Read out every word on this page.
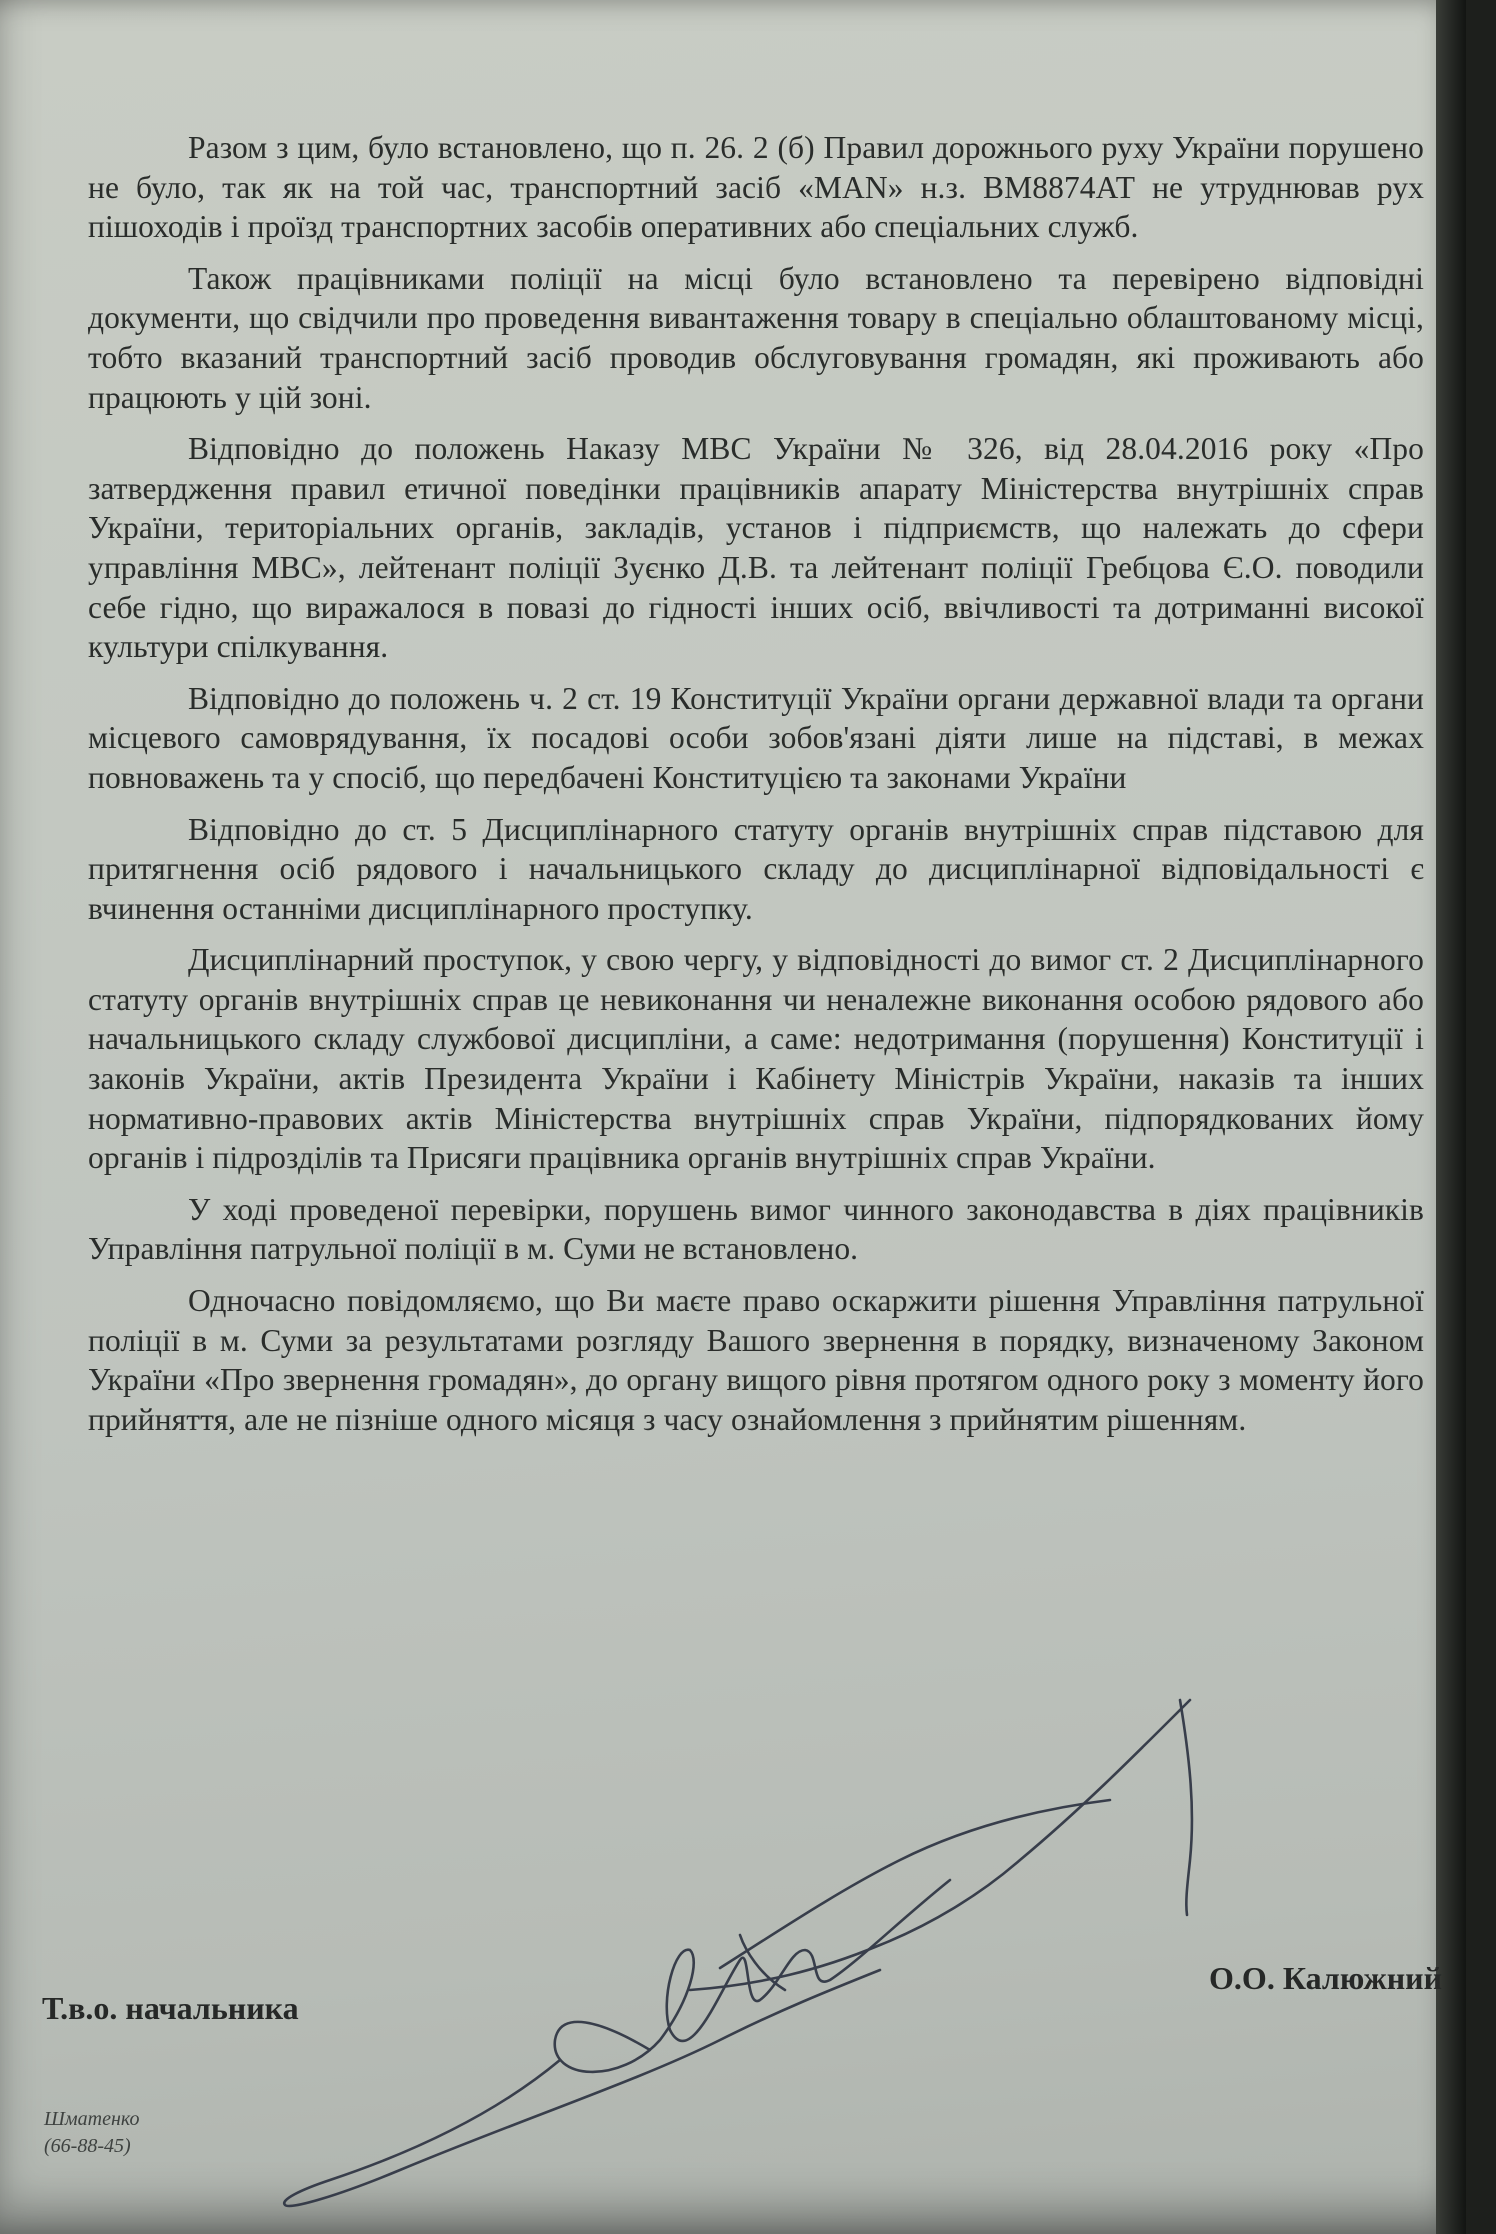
Разом з цим, було встановлено, що п. 26. 2 (б) Правил дорожнього руху України порушено не було, так як на той час, транспортний засіб «MAN» н.з. ВМ8874АТ не утруднював рух пішоходів і проїзд транспортних засобів оперативних або спеціальних служб.

Також працівниками поліції на місці було встановлено та перевірено відповідні документи, що свідчили про проведення вивантаження товару в спеціально облаштованому місці, тобто вказаний транспортний засіб проводив обслуговування громадян, які проживають або працюють у цій зоні.

Відповідно до положень Наказу МВС України № 326, від 28.04.2016 року «Про затвердження правил етичної поведінки працівників апарату Міністерства внутрішніх справ України, територіальних органів, закладів, установ і підприємств, що належать до сфери управління МВС», лейтенант поліції Зуєнко Д.В. та лейтенант поліції Гребцова Є.О. поводили себе гідно, що виражалося в повазі до гідності інших осіб, ввічливості та дотриманні високої культури спілкування.

Відповідно до положень ч. 2 ст. 19 Конституції України органи державної влади та органи місцевого самоврядування, їх посадові особи зобов'язані діяти лише на підставі, в межах повноважень та у спосіб, що передбачені Конституцією та законами України

Відповідно до ст. 5 Дисциплінарного статуту органів внутрішніх справ підставою для притягнення осіб рядового і начальницького складу до дисциплінарної відповідальності є вчинення останніми дисциплінарного проступку.

Дисциплінарний проступок, у свою чергу, у відповідності до вимог ст. 2 Дисциплінарного статуту органів внутрішніх справ це невиконання чи неналежне виконання особою рядового або начальницького складу службової дисципліни, а саме: недотримання (порушення) Конституції і законів України, актів Президента України і Кабінету Міністрів України, наказів та інших нормативно-правових актів Міністерства внутрішніх справ України, підпорядкованих йому органів і підрозділів та Присяги працівника органів внутрішніх справ України.

У ході проведеної перевірки, порушень вимог чинного законодавства в діях працівників Управління патрульної поліції в м. Суми не встановлено.

Одночасно повідомляємо, що Ви маєте право оскаржити рішення Управління патрульної поліції в м. Суми за результатами розгляду Вашого звернення в порядку, визначеному Законом України «Про звернення громадян», до органу вищого рівня протягом одного року з моменту його прийняття, але не пізніше одного місяця з часу ознайомлення з прийнятим рішенням.

Т.в.о. начальника
О.О. Калюжний
Шматенко
(66-88-45)
